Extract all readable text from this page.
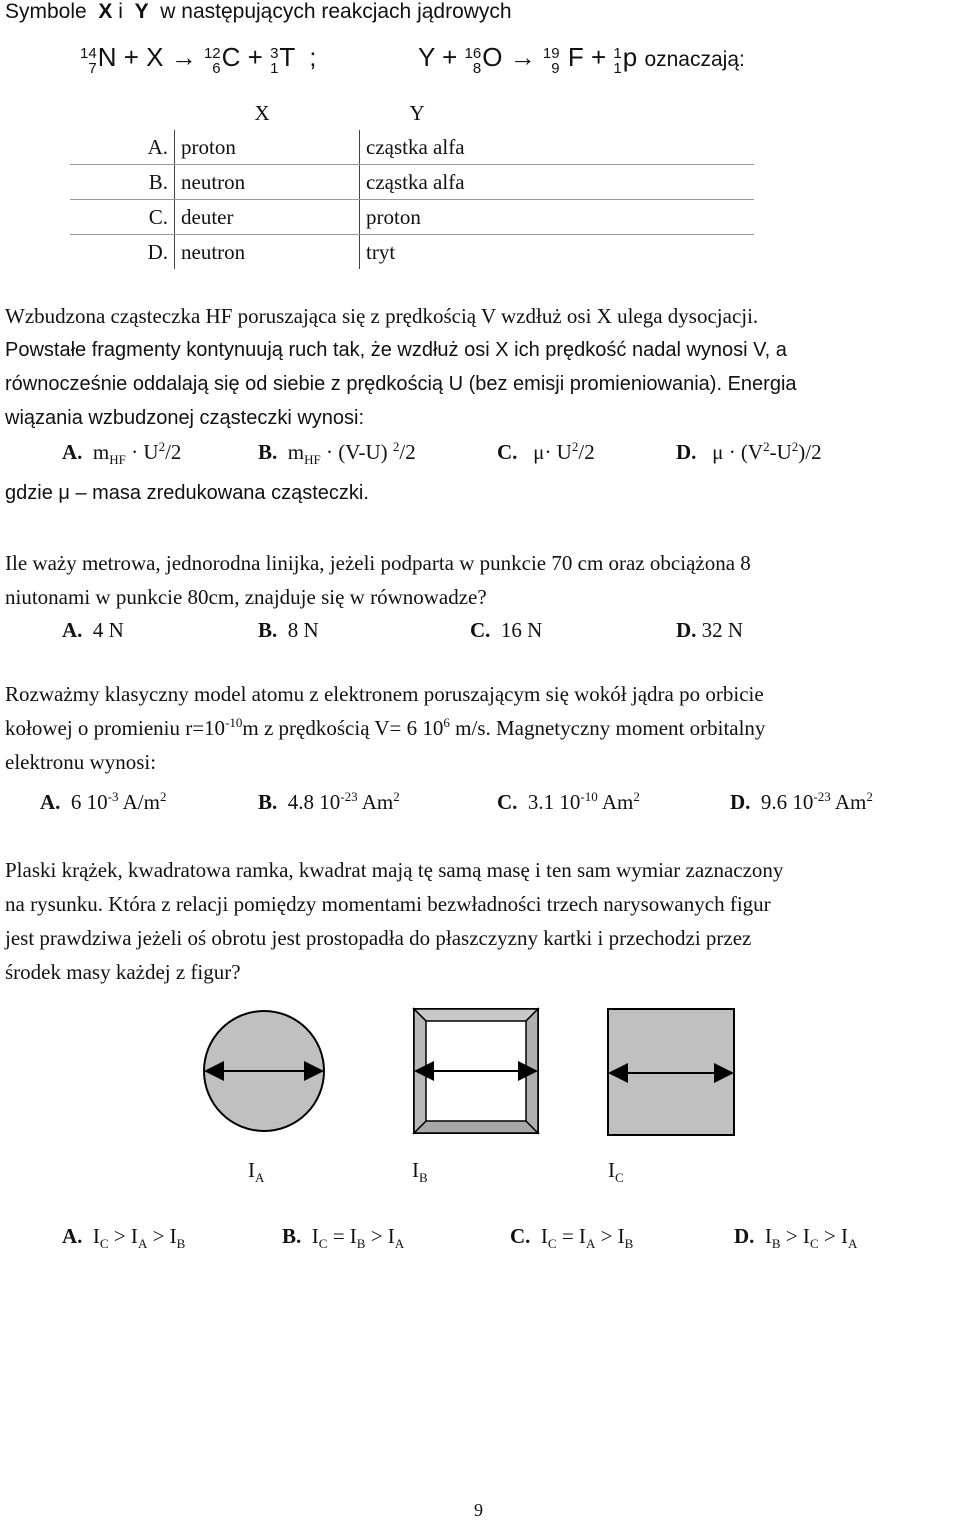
Symbole X i Y w następujących reakcjach jądrowych
14
7 N + X → 12
6 C + 3
1 T ;	Y + 16
8 O → 19
9 F + 1
1 p oznaczają:
	X	Y
A.	proton	cząstka alfa
B.	neutron	cząstka alfa
C.	deuter	proton
D.	neutron	tryt
Wzbudzona cząsteczka HF poruszająca się z prędkością V wzdłuż osi X ulega dysocjacji.
Powstałe fragmenty kontynuują ruch tak, że wzdłuż osi X ich prędkość nadal wynosi V, a
równocześnie oddalają się od siebie z prędkością U (bez emisji promieniowania). Energia
wiązania wzbudzonej cząsteczki wynosi:
A. $m_{HF} \cdot U^2/2$	B. $m_{HF} \cdot (V-U)$ $^2$/2	C. $\mu\cdot U^2/2$	D. $\mu \cdot (V^2-U^2)/2$
gdzie μ – masa zredukowana cząsteczki.
Ile waży metrowa, jednorodna linijka, jeżeli podparta w punkcie 70 cm oraz obciążona 8
niutonami w punkcie 80cm, znajduje się w równowadze?
A. 4 N	B. 8 N	C. 16 N	D. 32 N
Rozważmy klasyczny model atomu z elektronem poruszającym się wokół jądra po orbicie
kołowej o promieniu $r=10^{-10}m$ z prędkością V= 6 $10^6$ m/s. Magnetyczny moment orbitalny
elektronu wynosi:
A. 6 $10^{-3}$ $A/m^2$	B. 4.8 $10^{-23}$ Am$^2$	C. 3.1 $10^{-10}$ Am$^2$	D. 9.6 $10^{-23}$ Am$^2$
Plaski krążek, kwadratowa ramka, kwadrat mają tę samą masę i ten sam wymiar zaznaczony
na rysunku. Która z relacji pomiędzy momentami bezwładności trzech narysowanych figur
jest prawdziwa jeżeli oś obrotu jest prostopadła do płaszczyzny kartki i przechodzi przez
środek masy każdej z figur?
$I_A$	$I_B$	$I_C$
A.  $I_C > I_A > I_B$	B.  $I_C = I_B > I_A$	C.  $I_C = I_A > I_B$	D.  $I_B > I_C > I_A$
9
